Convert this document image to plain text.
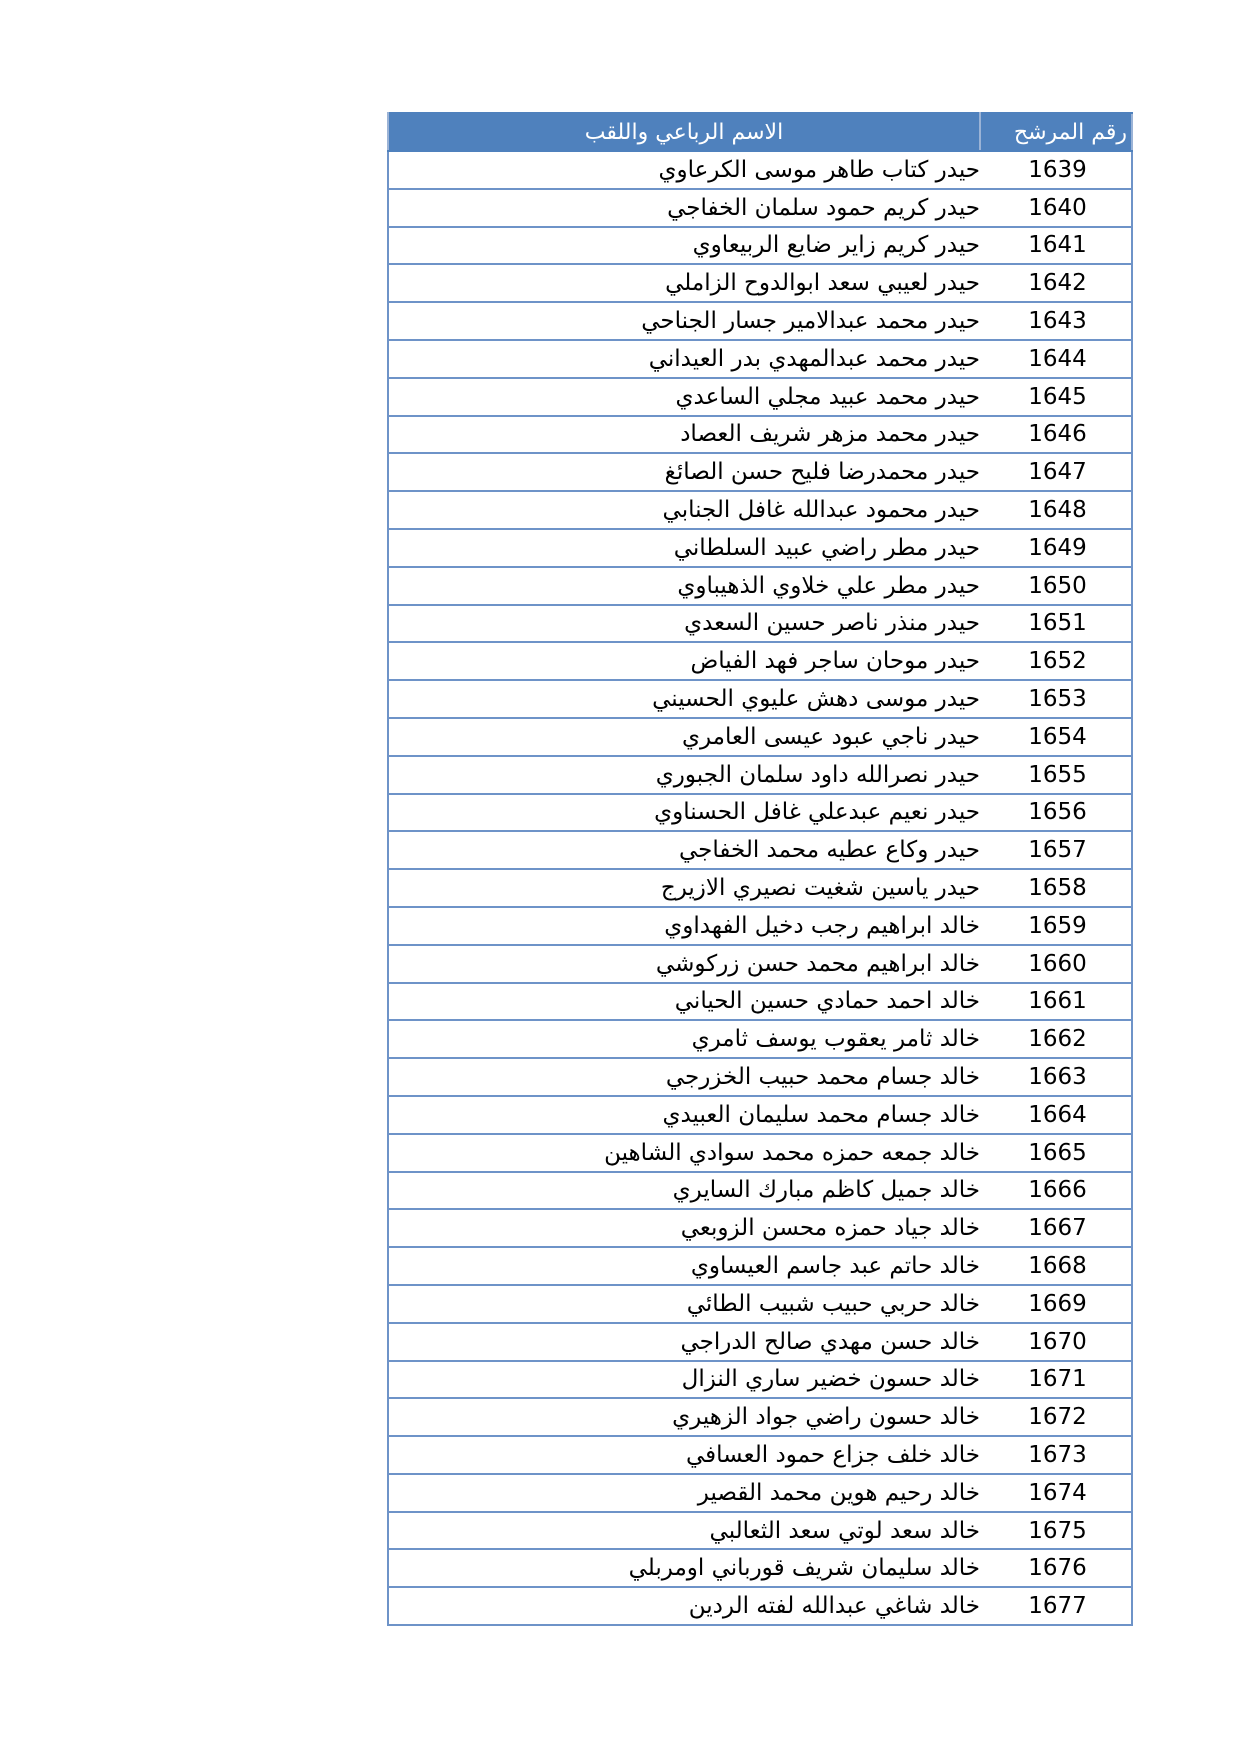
رقم المرشح	الاسم الرباعي واللقب
1639	حيدر كتاب طاهر موسى الكرعاوي
1640	حيدر كريم حمود سلمان الخفاجي
1641	حيدر كريم زاير ضايع الربيعاوي
1642	حيدر لعيبي سعد ابوالدوح الزاملي
1643	حيدر محمد عبدالامير جسار الجناحي
1644	حيدر محمد عبدالمهدي بدر العيداني
1645	حيدر محمد عبيد مجلي الساعدي
1646	حيدر محمد مزهر شريف العصاد
1647	حيدر محمدرضا فليح حسن الصائغ
1648	حيدر محمود عبدالله غافل الجنابي
1649	حيدر مطر راضي عبيد السلطاني
1650	حيدر مطر علي خلاوي الذهيباوي
1651	حيدر منذر ناصر حسين السعدي
1652	حيدر موحان ساجر فهد الفياض
1653	حيدر موسى دهش عليوي الحسيني
1654	حيدر ناجي عبود عيسى العامري
1655	حيدر نصرالله داود سلمان الجبوري
1656	حيدر نعيم عبدعلي غافل الحسناوي
1657	حيدر وكاع عطيه محمد الخفاجي
1658	حيدر ياسين شغيت نصيري الازيرج
1659	خالد ابراهيم رجب دخيل الفهداوي
1660	خالد ابراهيم محمد حسن زركوشي
1661	خالد احمد حمادي حسين الحياني
1662	خالد ثامر يعقوب يوسف ثامري
1663	خالد جسام محمد حبيب الخزرجي
1664	خالد جسام محمد سليمان العبيدي
1665	خالد جمعه حمزه محمد سوادي الشاهين
1666	خالد جميل كاظم مبارك السايري
1667	خالد جياد حمزه محسن الزوبعي
1668	خالد حاتم عبد جاسم العيساوي
1669	خالد حربي حبيب شبيب الطائي
1670	خالد حسن مهدي صالح الدراجي
1671	خالد حسون خضير ساري النزال
1672	خالد حسون راضي جواد الزهيري
1673	خالد خلف جزاع حمود العسافي
1674	خالد رحيم هوين محمد القصير
1675	خالد سعد لوتي سعد الثعالبي
1676	خالد سليمان شريف قورباني اومربلي
1677	خالد شاغي عبدالله لفته الردين
